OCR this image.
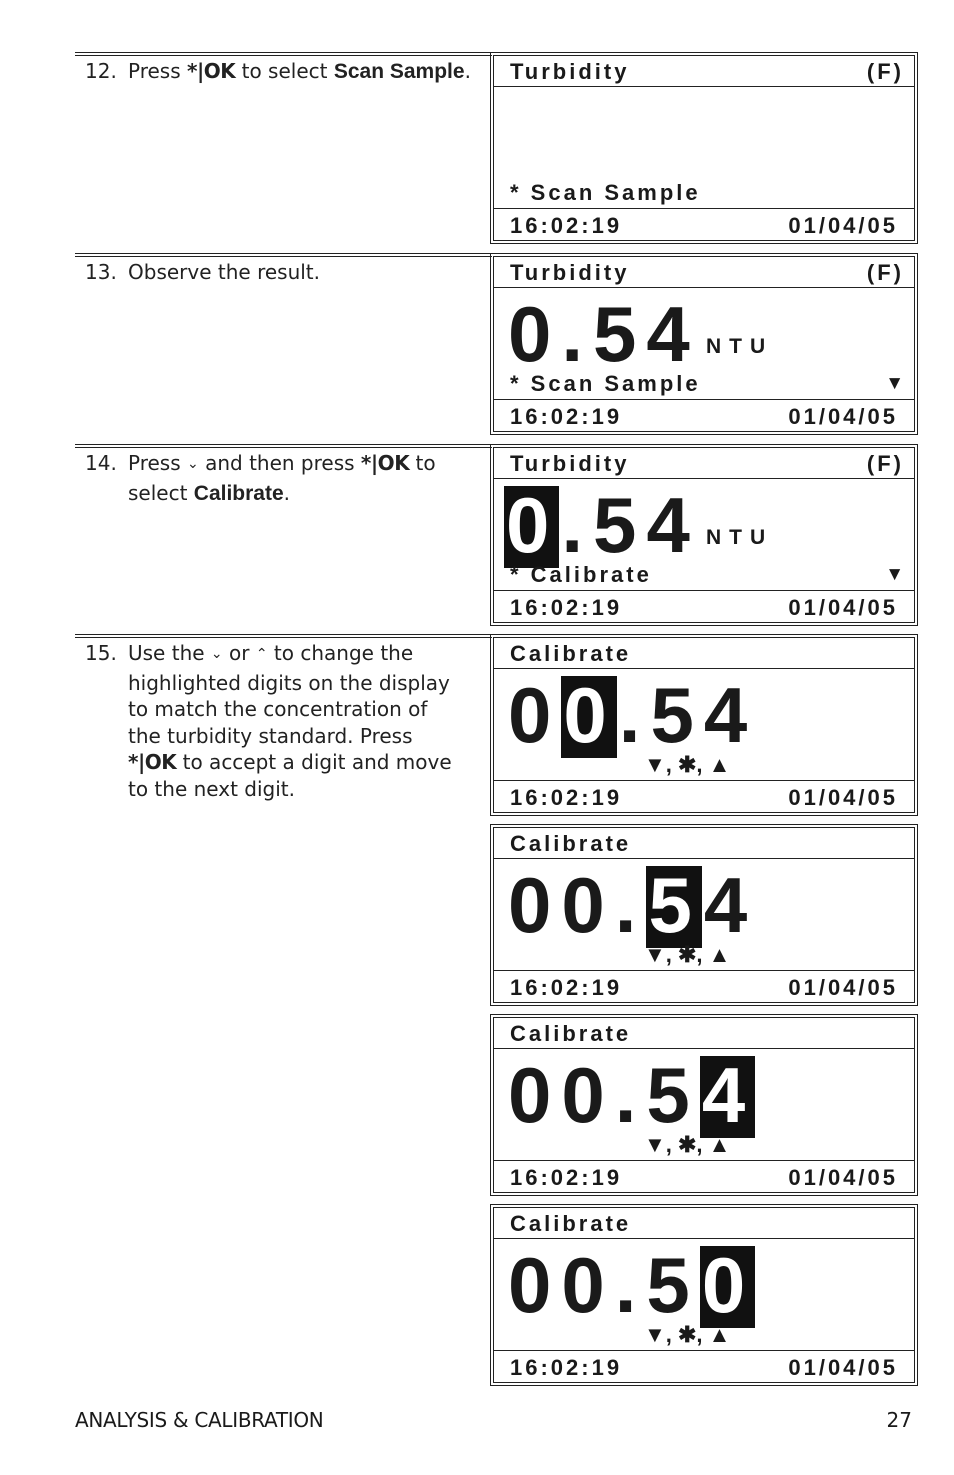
12. Press *|OK to select Scan Sample.
13. Observe the result.
14. Press ⌄ and then press *|OK to select Calibrate.
15. Use the ⌄ or ⌃ to change the highlighted digits on the display to match the concentration of the turbidity standard. Press *|OK to accept a digit and move to the next digit.
Turbidity	(F)
* Scan Sample
16:02:19	01/04/05
Turbidity	(F)
0.54 NTU
* Scan Sample	▼
16:02:19	01/04/05
Turbidity	(F)
0.54 NTU
* Calibrate	▼
16:02:19	01/04/05
Calibrate
00.54
▼, ✱, ▲
16:02:19	01/04/05
Calibrate
00.54
▼, ✱, ▲
16:02:19	01/04/05
Calibrate
00.54
▼, ✱, ▲
16:02:19	01/04/05
Calibrate
00.50
▼, ✱, ▲
16:02:19	01/04/05
ANALYSIS & CALIBRATION	27
